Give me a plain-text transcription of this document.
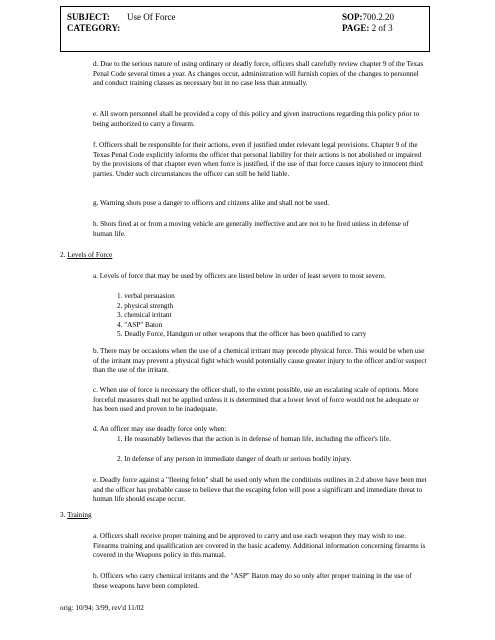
SUBJECT: Use Of Force	SOP:700.2.20
CATEGORY:	PAGE: 2 of 3

d. Due to the serious nature of using ordinary or deadly force, officers shall carefully review chapter 9 of the Texas Penal Code several times a year. As changes occur, administration will furnish copies of the changes to personnel and conduct training classes as necessary but in no case less than annually.

e. All sworn personnel shall be provided a copy of this policy and given instructions regarding this policy prior to being authorized to carry a firearm.

f. Officers shall be responsible for their actions, even if justified under relevant legal provisions. Chapter 9 of the Texas Penal Code explicitly informs the officer that personal liability for their actions is not abolished or impaired by the provisions of that chapter even when force is justified, if the use of that force causes injury to innocent third parties. Under such circumstances the officer can still be held liable.

g. Warning shots pose a danger to officers and citizens alike and shall not be used.

h. Shots fired at or from a moving vehicle are generally ineffective and are not to be fired unless in defense of human life.

2. Levels of Force

a. Levels of force that may be used by officers are listed below in order of least severe to most severe.

1. verbal persuasion
2. physical strength
3. chemical irritant
4. "ASP" Baton
5. Deadly Force, Handgun or other weapons that the officer has been qualified to carry

b. There may be occasions when the use of a chemical irritant may precede physical force. This would be when use of the irritant may prevent a physical fight which would potentially cause greater injury to the officer and/or suspect than the use of the irritant.

c. When use of force is necessary the officer shall, to the extent possible, use an escalating scale of options. More forceful measures shall not be applied unless it is determined that a lower level of force would not be adequate or has been used and proven to be inadequate.

d. An officer may use deadly force only when:

1. He reasonably believes that the action is in defense of human life, including the officer's life.

2. In defense of any person in immediate danger of death or serious bodily injury.

e. Deadly force against a "fleeing felon" shall be used only when the conditions outlines in 2.d above have been met and the officer has probable cause to believe that the escaping felon will pose a significant and immediate threat to human life should escape occur.

3. Training

a. Officers shall receive proper training and be approved to carry and use each weapon they may wish to use. Firearms training and qualification are covered in the basic academy. Additional information concerning firearms is covered in the Weapons policy in this manual.

b. Officers who carry chemical irritants and the "ASP" Baton may do so only after proper training in the use of these weapons have been completed.

orig: 10/94; 3/99, rev'd 11/02
